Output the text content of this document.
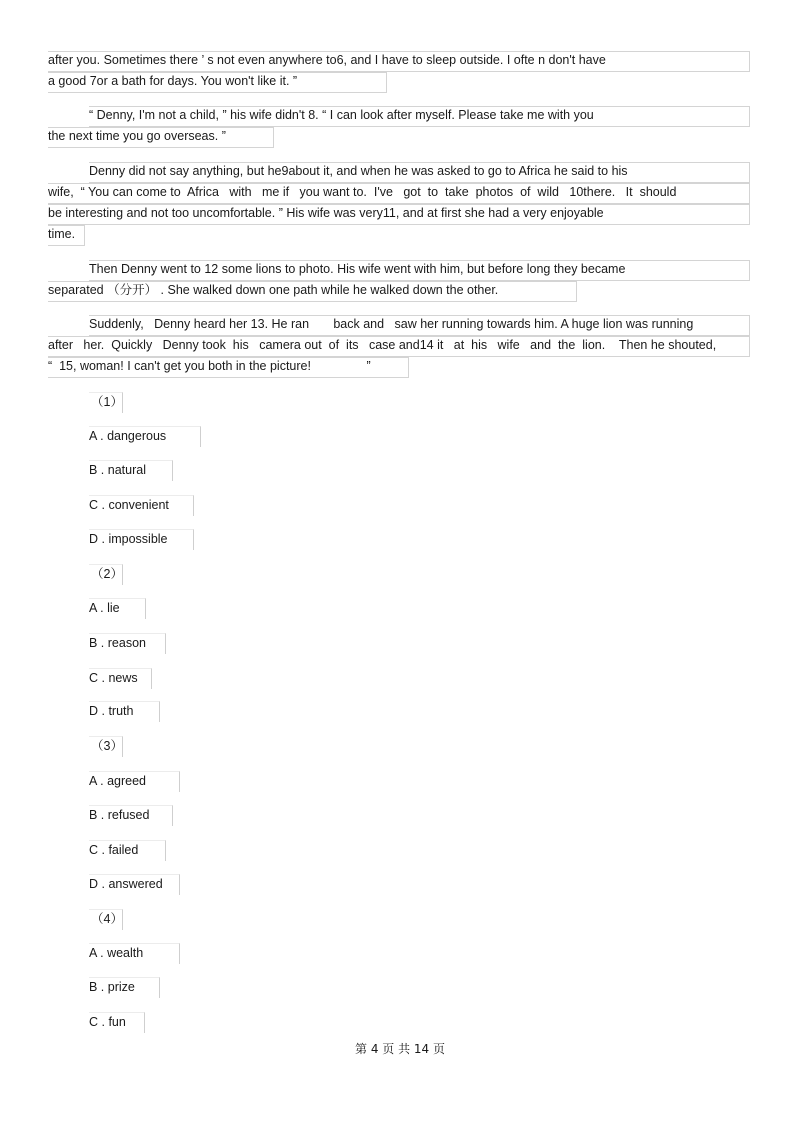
after you. Sometimes there ’ s not even anywhere to6, and I have to sleep outside. I ofte n don't have
a good 7or a bath for days. You won't like it. ”
“ Denny, I'm not a child, ” his wife didn't 8. “ I can look after myself. Please take me with you
the next time you go overseas. ”
Denny did not say anything, but he9about it, and when he was asked to go to Africa he said to his
wife,  “ You can come to  Africa   with   me if   you want to.  I've   got  to  take  photos  of  wild   10there.   It  should
be interesting and not too uncomfortable. ” His wife was very11, and at first she had a very enjoyable
time.
Then Denny went to 12 some lions to photo. His wife went with him, but before long they became
separated （分开） . She walked down one path while he walked down the other.
Suddenly,   Denny heard her 13. He ran       back and   saw her running towards him. A huge lion was running
after   her.  Quickly   Denny took  his   camera out  of  its   case and14 it   at  his   wife   and  the  lion.    Then he shouted,
“  15, woman! I can't get you both in the picture!                ”
（1）
A . dangerous
B . natural
C . convenient
D . impossible
（2）
A . lie
B . reason
C . news
D . truth
（3）
A . agreed
B . refused
C . failed
D . answered
（4）
A . wealth
B . prize
C . fun
第 4 页 共 14 页
